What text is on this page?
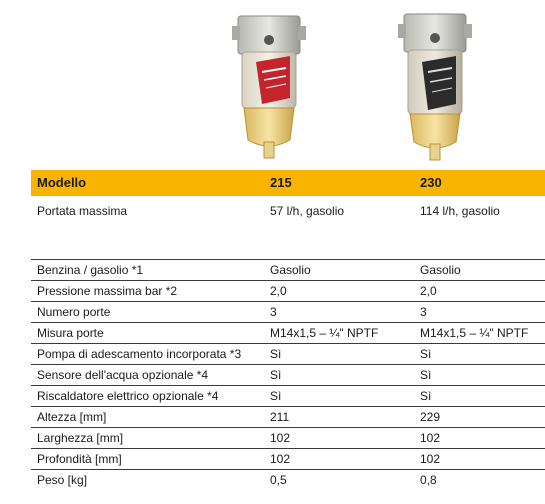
Modello	215	230
Portata massima	57 l/h, gasolio	114 l/h, gasolio
Benzina / gasolio *1	Gasolio	Gasolio
Pressione massima bar *2	2,0	2,0
Numero porte	3	3
Misura porte	M14x1,5 – ¼" NPTF	M14x1,5 – ¼" NPTF
Pompa di adescamento incorporata *3	Sì	Sì
Sensore dell'acqua opzionale *4	Sì	Sì
Riscaldatore elettrico opzionale *4	Sì	Sì
Altezza [mm]	211	229
Larghezza [mm]	102	102
Profondità [mm]	102	102
Peso [kg]	0,5	0,8
